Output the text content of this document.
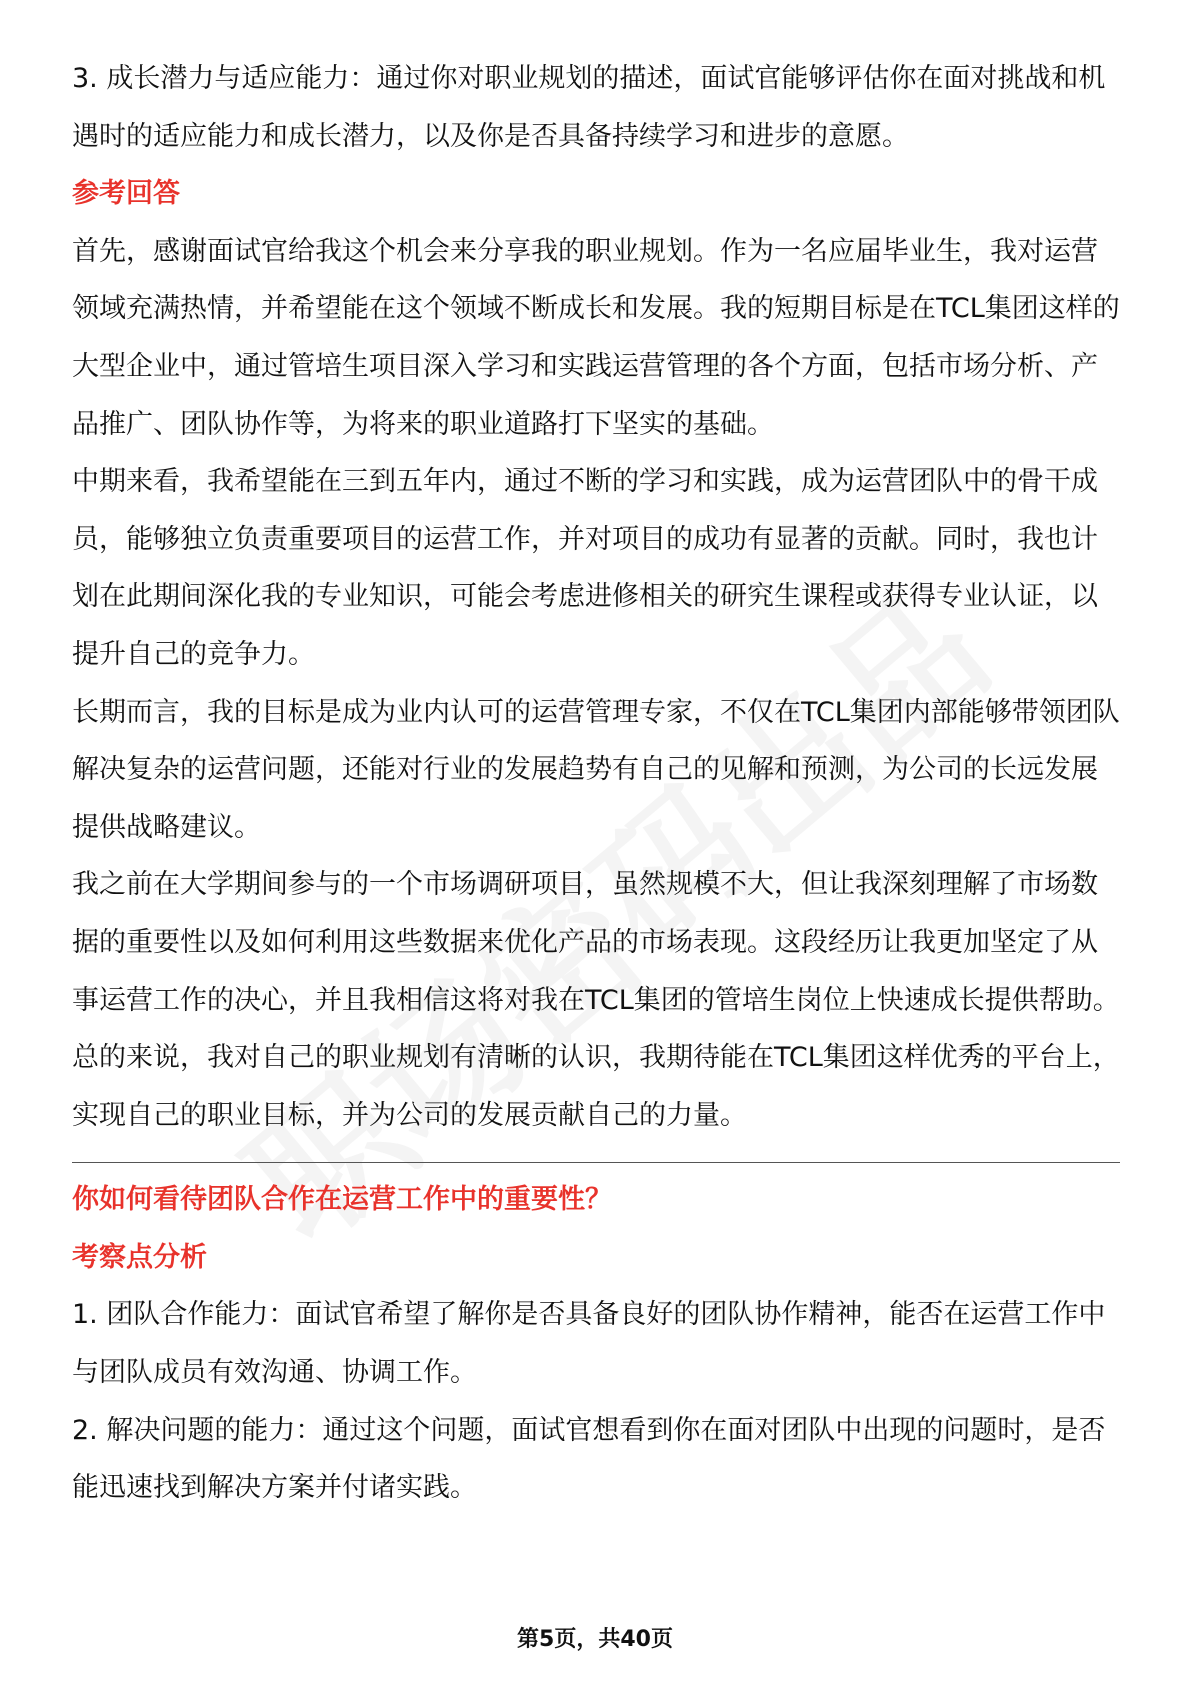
3. 成长潜力与适应能力：通过你对职业规划的描述，面试官能够评估你在面对挑战和机遇时的适应能力和成长潜力，以及你是否具备持续学习和进步的意愿。

参考回答

首先，感谢面试官给我这个机会来分享我的职业规划。作为一名应届毕业生，我对运营领域充满热情，并希望能在这个领域不断成长和发展。我的短期目标是在TCL集团这样的大型企业中，通过管培生项目深入学习和实践运营管理的各个方面，包括市场分析、产品推广、团队协作等，为将来的职业道路打下坚实的基础。

中期来看，我希望能在三到五年内，通过不断的学习和实践，成为运营团队中的骨干成员，能够独立负责重要项目的运营工作，并对项目的成功有显著的贡献。同时，我也计划在此期间深化我的专业知识，可能会考虑进修相关的研究生课程或获得专业认证，以提升自己的竞争力。

长期而言，我的目标是成为业内认可的运营管理专家，不仅在TCL集团内部能够带领团队解决复杂的运营问题，还能对行业的发展趋势有自己的见解和预测，为公司的长远发展提供战略建议。

我之前在大学期间参与的一个市场调研项目，虽然规模不大，但让我深刻理解了市场数据的重要性以及如何利用这些数据来优化产品的市场表现。这段经历让我更加坚定了从事运营工作的决心，并且我相信这将对我在TCL集团的管培生岗位上快速成长提供帮助。

总的来说，我对自己的职业规划有清晰的认识，我期待能在TCL集团这样优秀的平台上，实现自己的职业目标，并为公司的发展贡献自己的力量。

你如何看待团队合作在运营工作中的重要性？

考察点分析

1. 团队合作能力：面试官希望了解你是否具备良好的团队协作精神，能否在运营工作中与团队成员有效沟通、协调工作。

2. 解决问题的能力：通过这个问题，面试官想看到你在面对团队中出现的问题时，是否能迅速找到解决方案并付诸实践。

第5页，共40页
